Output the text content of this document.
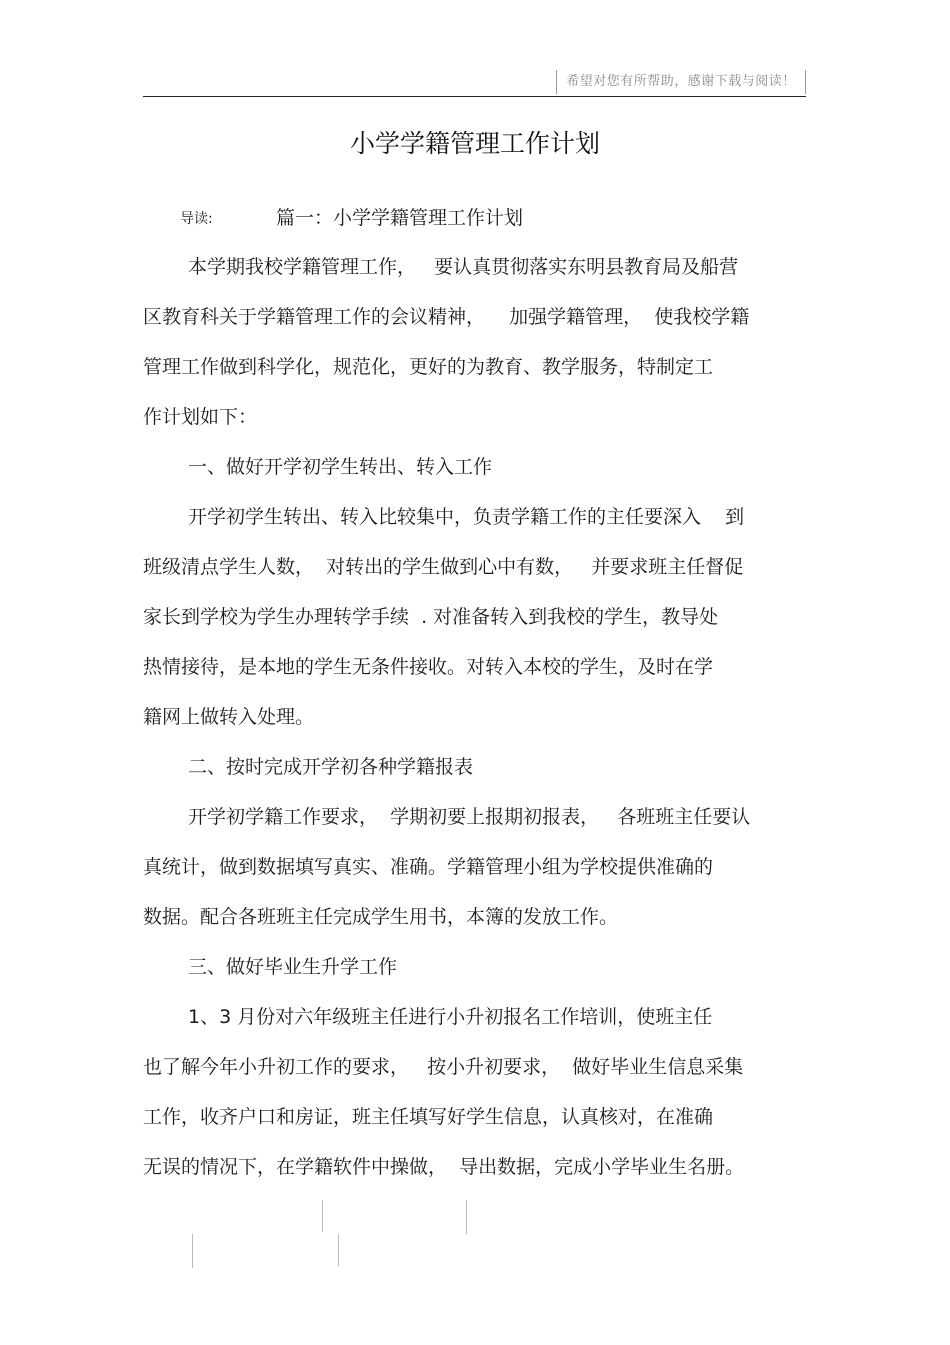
希望对您有所帮助，感谢下载与阅读！
小学学籍管理工作计划
导读:	篇一：小学学籍管理工作计划
本学期我校学籍管理工作，   要认真贯彻落实东明县教育局及船营
区教育科关于学籍管理工作的会议精神，    加强学籍管理，  使我校学籍
管理工作做到科学化，规范化，更好的为教育、教学服务，特制定工
作计划如下：
一、做好开学初学生转出、转入工作
开学初学生转出、转入比较集中，负责学籍工作的主任要深入    到
班级清点学生人数，  对转出的学生做到心中有数，   并要求班主任督促
家长到学校为学生办理转学手续  . 对准备转入到我校的学生，教导处
热情接待，是本地的学生无条件接收。对转入本校的学生，及时在学
籍网上做转入处理。
二、按时完成开学初各种学籍报表
开学初学籍工作要求，  学期初要上报期初报表，   各班班主任要认
真统计，做到数据填写真实、准确。学籍管理小组为学校提供准确的
数据。配合各班班主任完成学生用书，本簿的发放工作。
三、做好毕业生升学工作
1、3 月份对六年级班主任进行小升初报名工作培训，使班主任
也了解今年小升初工作的要求，   按小升初要求，  做好毕业生信息采集
工作，收齐户口和房证，班主任填写好学生信息，认真核对，在准确
无误的情况下，在学籍软件中操做，  导出数据，完成小学毕业生名册。
